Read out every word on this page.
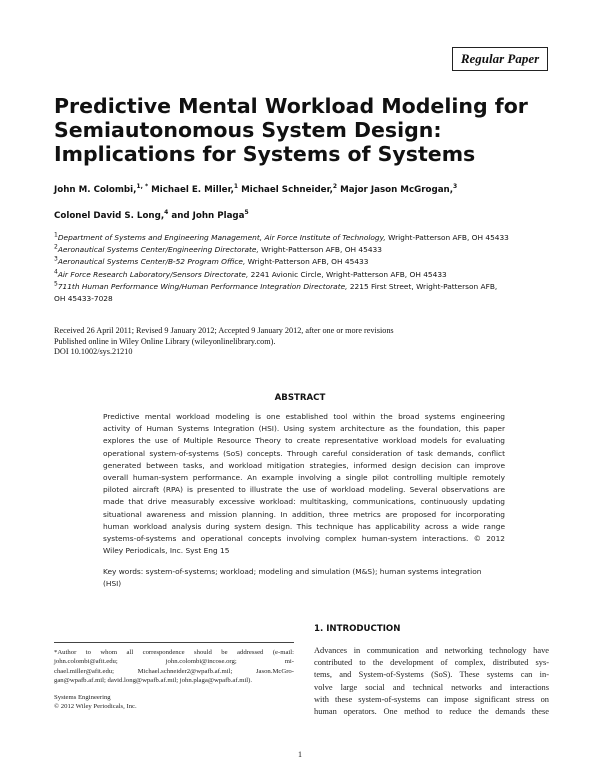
Regular Paper
Predictive Mental Workload Modeling for
Semiautonomous System Design:
Implications for Systems of Systems
John M. Colombi,$^{1, *}$ Michael E. Miller,$^1$ Michael Schneider,$^2$ Major Jason McGrogan,$^3$
Colonel David S. Long,$^4$ and John Plaga$^5$
$^1$Department of Systems and Engineering Management, Air Force Institute of Technology, Wright-Patterson AFB, OH 45433
$^2$Aeronautical Systems Center/Engineering Directorate, Wright-Patterson AFB, OH 45433
$^3$Aeronautical Systems Center/B-52 Program Office, Wright-Patterson AFB, OH 45433
$^4$Air Force Research Laboratory/Sensors Directorate, 2241 Avionic Circle, Wright-Patterson AFB, OH 45433
$^5$711th Human Performance Wing/Human Performance Integration Directorate, 2215 First Street, Wright-Patterson AFB,
OH 45433-7028
Received 26 April 2011; Revised 9 January 2012; Accepted 9 January 2012, after one or more revisions
Published online in Wiley Online Library (wileyonlinelibrary.com).
DOI 10.1002/sys.21210
ABSTRACT
Predictive mental workload modeling is one established tool within the broad systems engineering
activity of Human Systems Integration (HSI). Using system architecture as the foundation, this paper
explores the use of Multiple Resource Theory to create representative workload models for evaluating
operational system-of-systems (SoS) concepts. Through careful consideration of task demands, conflict
generated between tasks, and workload mitigation strategies, informed design decision can improve
overall human-system performance. An example involving a single pilot controlling multiple remotely
piloted aircraft (RPA) is presented to illustrate the use of workload modeling. Several observations are
made that drive measurably excessive workload: multitasking, communications, continuously updating
situational awareness and mission planning. In addition, three metrics are proposed for incorporating
human workload analysis during system design. This technique has applicability across a wide range
systems-of-systems and operational concepts involving complex human-system interactions. © 2012
Wiley Periodicals, Inc. Syst Eng 15
Key words: system-of-systems; workload; modeling and simulation (M&S); human systems integration
(HSI)
*Author to whom all correspondence should be addressed (e-mail:
john.colombi@afit.edu; john.colombi@incose.org; mi-
chael.miller@afit.edu; Michael.schneider2@wpafb.af.mil; Jason.McGro-
gan@wpafb.af.mil; david.long@wpafb.af.mil; john.plaga@wpafb.af.mil).
Systems Engineering
© 2012 Wiley Periodicals, Inc.
1. INTRODUCTION
Advances in communication and networking technology have
contributed to the development of complex, distributed sys-
tems, and System-of-Systems (SoS). These systems can in-
volve large social and technical networks and interactions
with these system-of-systems can impose significant stress on
human operators. One method to reduce the demands these
1
